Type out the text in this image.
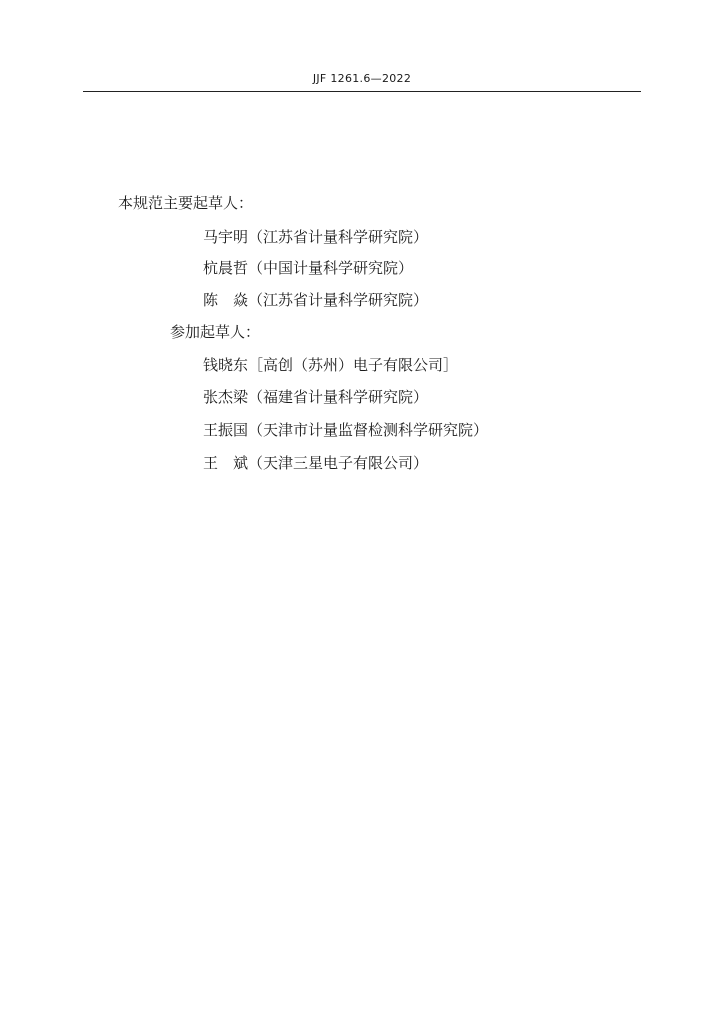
JJF 1261.6—2022
本规范主要起草人：
马宇明（江苏省计量科学研究院）
杭晨哲（中国计量科学研究院）
陈　焱（江苏省计量科学研究院）
参加起草人：
钱晓东［高创（苏州）电子有限公司］
张杰梁（福建省计量科学研究院）
王振国（天津市计量监督检测科学研究院）
王　斌（天津三星电子有限公司）
